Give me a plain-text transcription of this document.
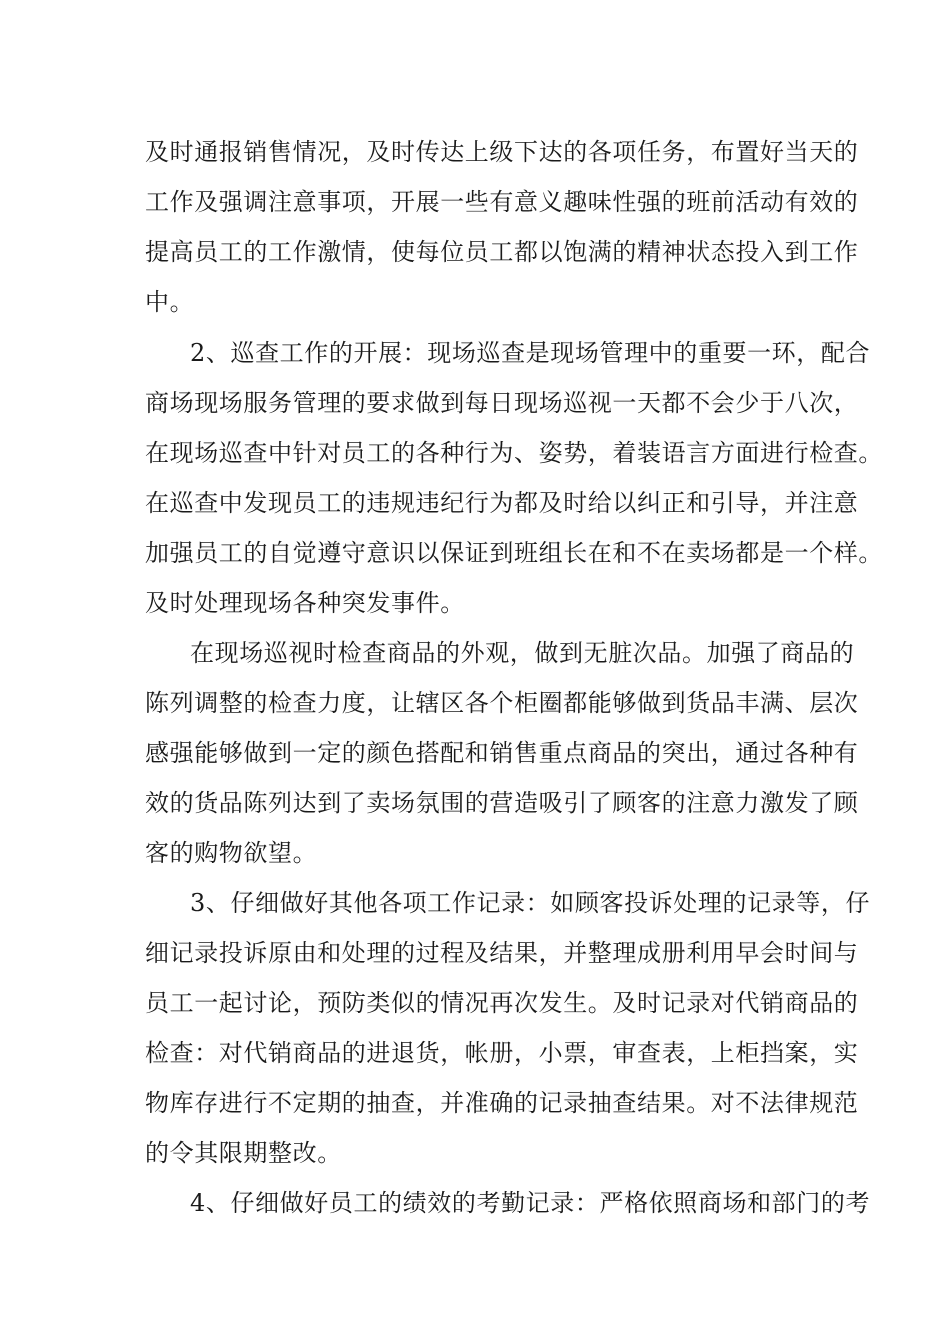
及时通报销售情况，及时传达上级下达的各项任务，布置好当天的
工作及强调注意事项，开展一些有意义趣味性强的班前活动有效的
提高员工的工作激情，使每位员工都以饱满的精神状态投入到工作
中。
2、巡查工作的开展：现场巡查是现场管理中的重要一环，配合
商场现场服务管理的要求做到每日现场巡视一天都不会少于八次，
在现场巡查中针对员工的各种行为、姿势，着装语言方面进行检查。
在巡查中发现员工的违规违纪行为都及时给以纠正和引导，并注意
加强员工的自觉遵守意识以保证到班组长在和不在卖场都是一个样。
及时处理现场各种突发事件。
在现场巡视时检查商品的外观，做到无脏次品。加强了商品的
陈列调整的检查力度，让辖区各个柜圈都能够做到货品丰满、层次
感强能够做到一定的颜色搭配和销售重点商品的突出，通过各种有
效的货品陈列达到了卖场氛围的营造吸引了顾客的注意力激发了顾
客的购物欲望。
3、仔细做好其他各项工作记录：如顾客投诉处理的记录等，仔
细记录投诉原由和处理的过程及结果，并整理成册利用早会时间与
员工一起讨论，预防类似的情况再次发生。及时记录对代销商品的
检查：对代销商品的进退货，帐册，小票，审查表，上柜挡案，实
物库存进行不定期的抽查，并准确的记录抽查结果。对不法律规范
的令其限期整改。
4、仔细做好员工的绩效的考勤记录：严格依照商场和部门的考
